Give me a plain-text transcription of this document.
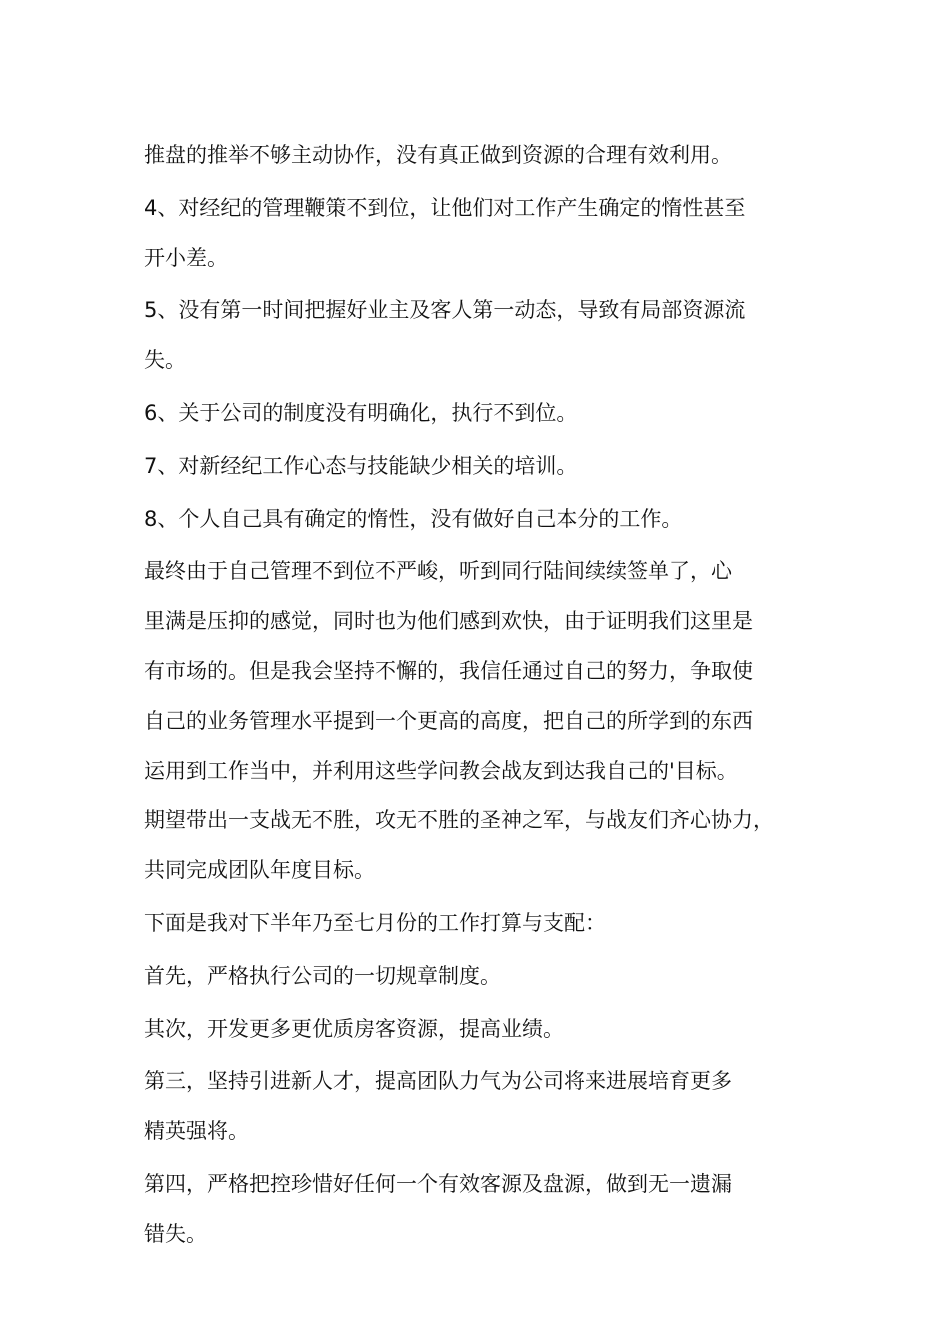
推盘的推举不够主动协作，没有真正做到资源的合理有效利用。

4、对经纪的管理鞭策不到位，让他们对工作产生确定的惰性甚至
开小差。

5、没有第一时间把握好业主及客人第一动态，导致有局部资源流
失。

6、关于公司的制度没有明确化，执行不到位。

7、对新经纪工作心态与技能缺少相关的培训。

8、个人自己具有确定的惰性，没有做好自己本分的工作。

最终由于自己管理不到位不严峻，听到同行陆间续续签单了，心
里满是压抑的感觉，同时也为他们感到欢快，由于证明我们这里是
有市场的。但是我会坚持不懈的，我信任通过自己的努力，争取使
自己的业务管理水平提到一个更高的高度，把自己的所学到的东西
运用到工作当中，并利用这些学问教会战友到达我自己的'目标。
期望带出一支战无不胜，攻无不胜的圣神之军，与战友们齐心协力，
共同完成团队年度目标。

下面是我对下半年乃至七月份的工作打算与支配：

首先，严格执行公司的一切规章制度。

其次，开发更多更优质房客资源，提高业绩。

第三，坚持引进新人才，提高团队力气为公司将来进展培育更多
精英强将。

第四，严格把控珍惜好任何一个有效客源及盘源，做到无一遗漏
错失。
